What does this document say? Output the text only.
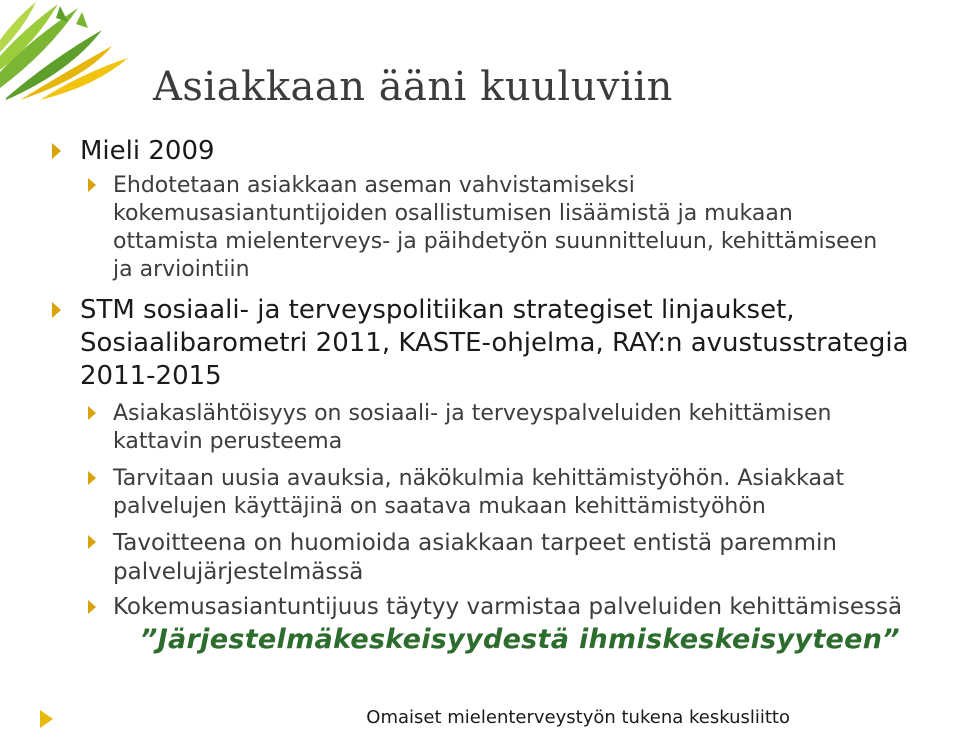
Asiakkaan ääni kuuluviin
Mieli 2009
Ehdotetaan asiakkaan aseman vahvistamiseksi
kokemusasiantuntijoiden osallistumisen lisäämistä ja mukaan
ottamista mielenterveys- ja päihdetyön suunnitteluun, kehittämiseen
ja arviointiin
STM sosiaali- ja terveyspolitiikan strategiset linjaukset,
Sosiaalibarometri 2011, KASTE-ohjelma, RAY:n avustusstrategia
2011-2015
Asiakaslähtöisyys on sosiaali- ja terveyspalveluiden kehittämisen
kattavin perusteema
Tarvitaan uusia avauksia, näkökulmia kehittämistyöhön. Asiakkaat
palvelujen käyttäjinä on saatava mukaan kehittämistyöhön
Tavoitteena on huomioida asiakkaan tarpeet entistä paremmin
palvelujärjestelmässä
Kokemusasiantuntijuus täytyy varmistaa palveluiden kehittämisessä
”Järjestelmäkeskeisyydestä ihmiskeskeisyyteen”
Omaiset mielenterveystyön tukena keskusliitto
